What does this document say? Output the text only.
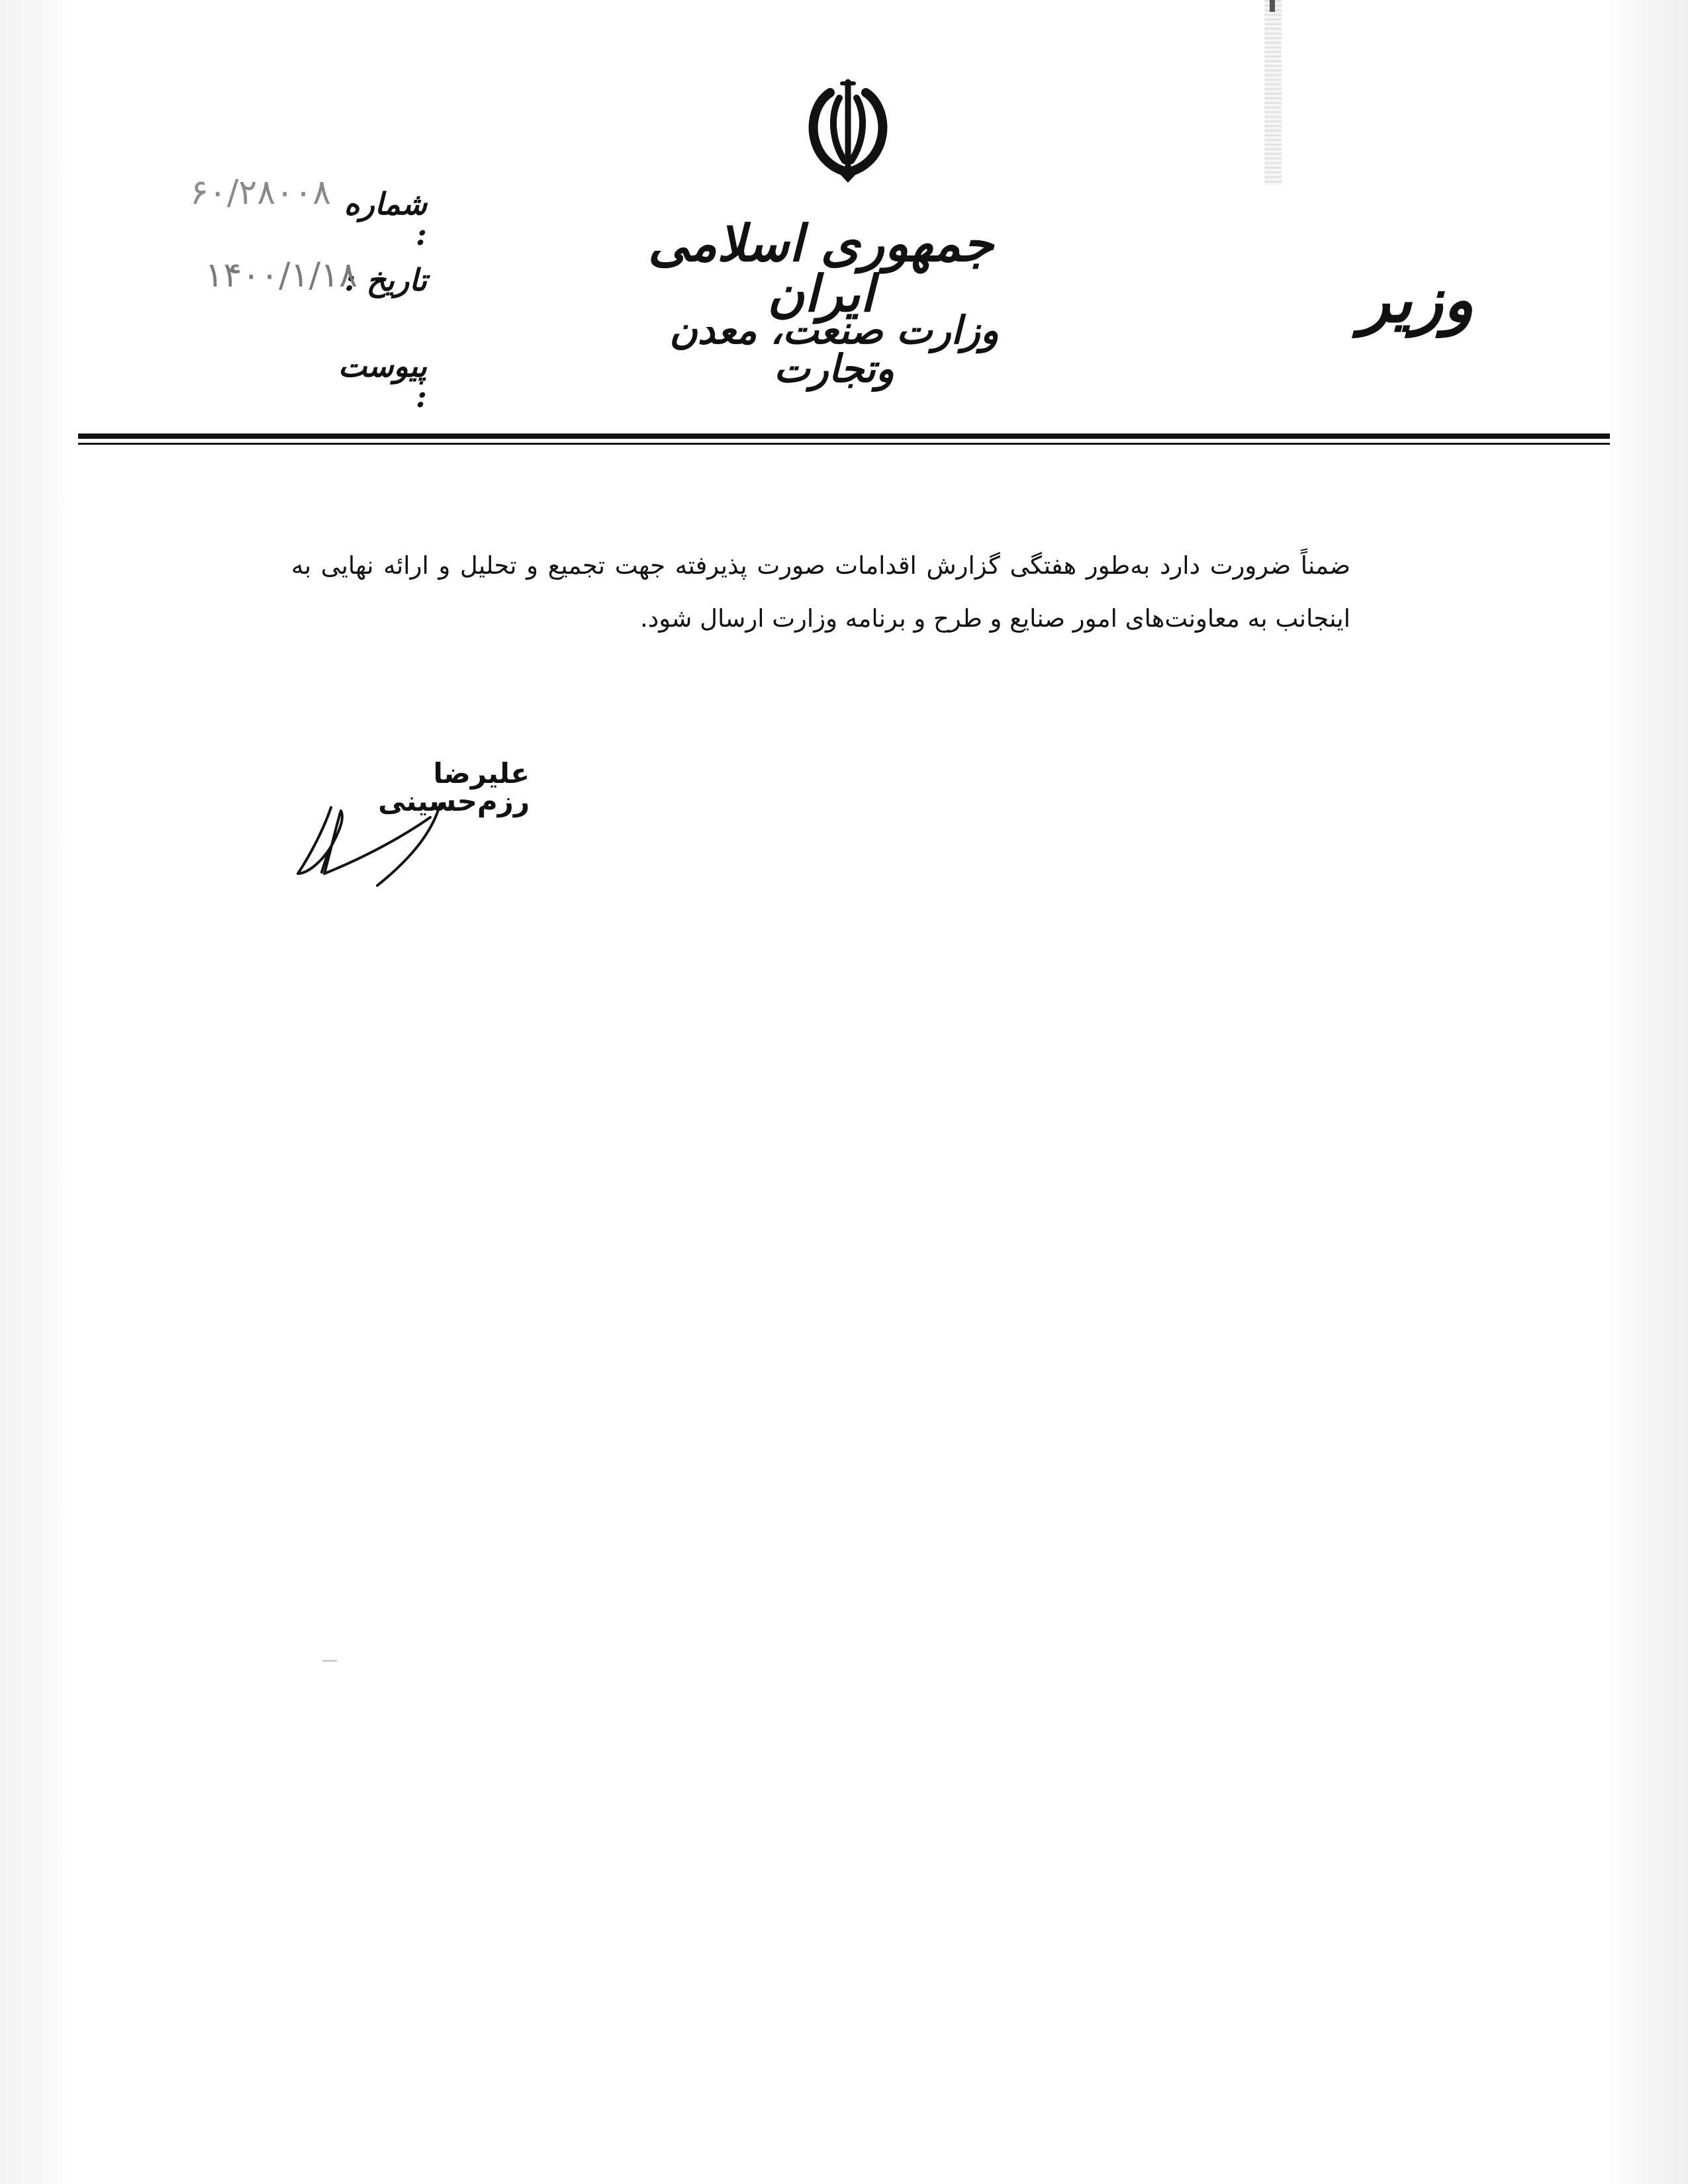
جمهوری اسلامی ایران
وزارت صنعت، معدن وتجارت
وزیر
شماره :
۶۰/۲۸۰۰۸
تاریخ :
۱۴۰۰/۱/۱۸
پیوست :
ضمناً ضرورت دارد به‌طور هفتگی گزارش اقدامات صورت پذیرفته جهت تجمیع و تحلیل و ارائه نهایی به اینجانب به معاونت‌های امور صنایع و طرح و برنامه وزارت ارسال شود.
علیرضا رزم‌حسینی
